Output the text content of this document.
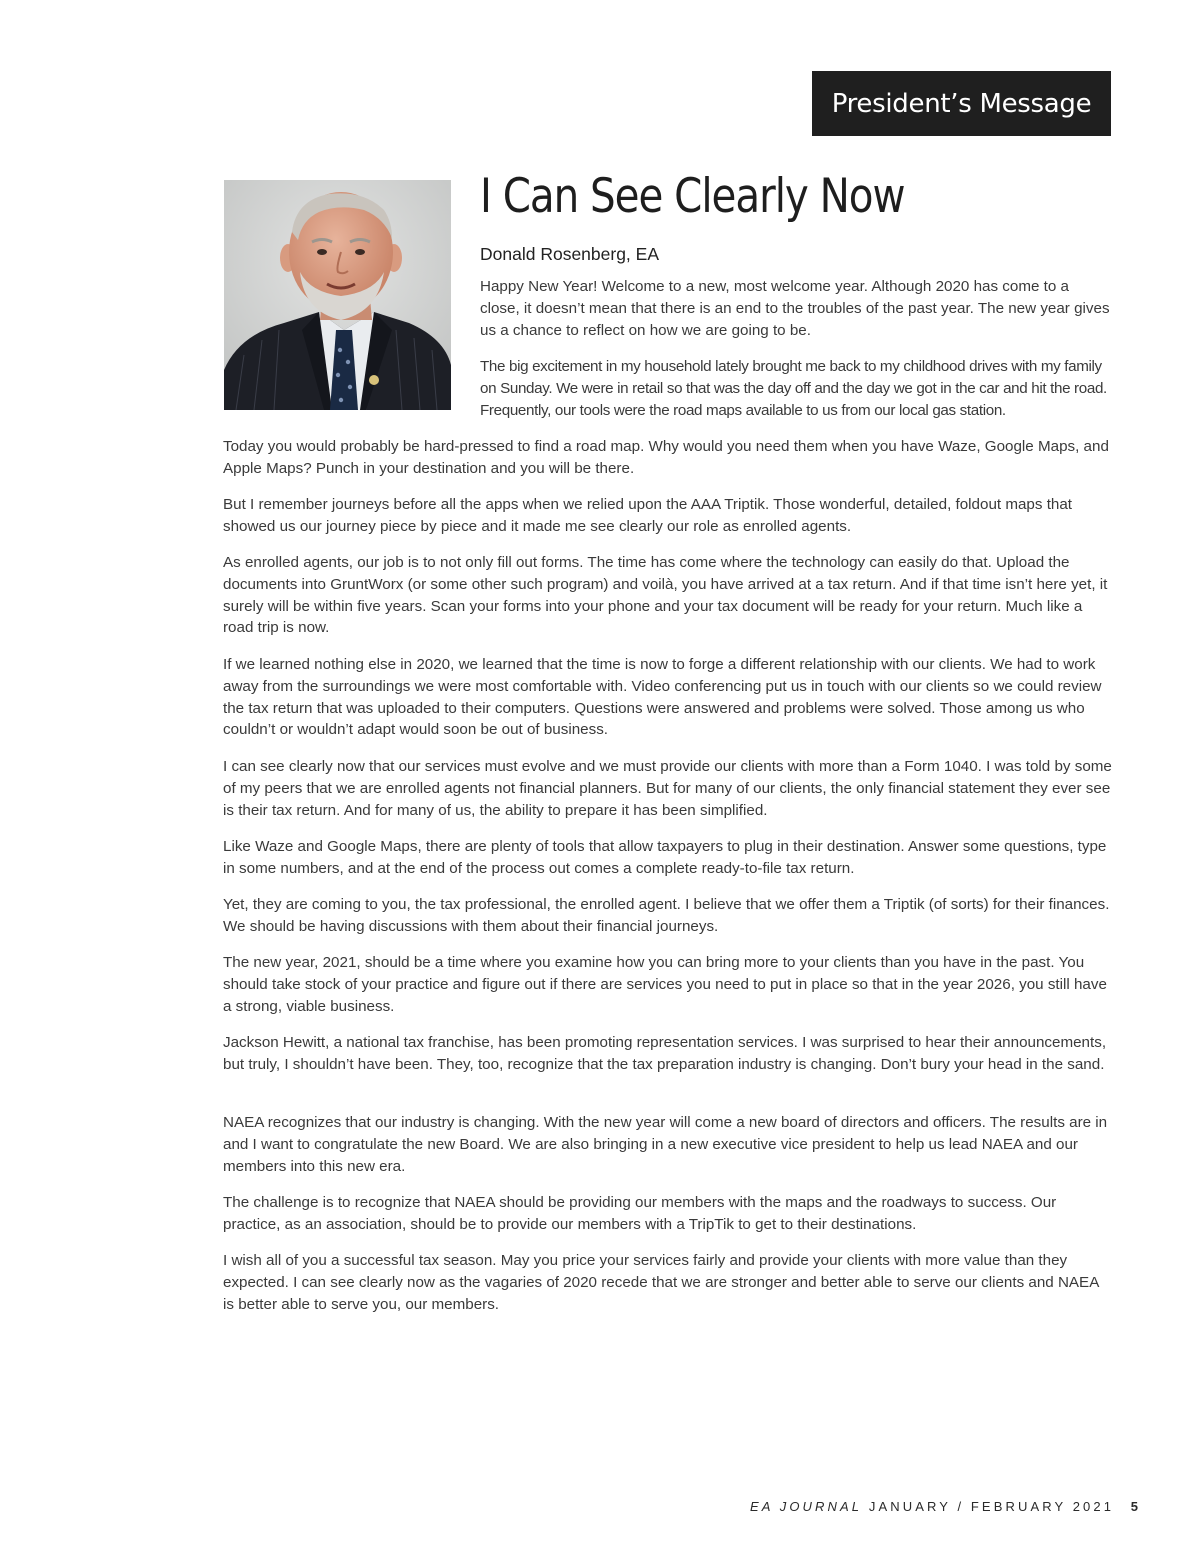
President’s Message
I Can See Clearly Now
Donald Rosenberg, EA

Happy New Year! Welcome to a new, most welcome year. Although 2020 has come to a close, it doesn’t mean that there is an end to the troubles of the past year. The new year gives us a chance to reflect on how we are going to be.

The big excitement in my household lately brought me back to my childhood drives with my family on Sunday. We were in retail so that was the day off and the day we got in the car and hit the road. Frequently, our tools were the road maps available to us from our local gas station.

Today you would probably be hard-pressed to find a road map. Why would you need them when you have Waze, Google Maps, and Apple Maps? Punch in your destination and you will be there.

But I remember journeys before all the apps when we relied upon the AAA Triptik. Those wonderful, detailed, foldout maps that showed us our journey piece by piece and it made me see clearly our role as enrolled agents.

As enrolled agents, our job is to not only fill out forms. The time has come where the technology can easily do that. Upload the documents into GruntWorx (or some other such program) and voilà, you have arrived at a tax return. And if that time isn’t here yet, it surely will be within five years. Scan your forms into your phone and your tax document will be ready for your return. Much like a road trip is now.

If we learned nothing else in 2020, we learned that the time is now to forge a different relationship with our clients. We had to work away from the surroundings we were most comfortable with. Video conferencing put us in touch with our clients so we could review the tax return that was uploaded to their computers. Questions were answered and problems were solved. Those among us who couldn’t or wouldn’t adapt would soon be out of business.

I can see clearly now that our services must evolve and we must provide our clients with more than a Form 1040. I was told by some of my peers that we are enrolled agents not financial planners. But for many of our clients, the only financial statement they ever see is their tax return. And for many of us, the ability to prepare it has been simplified.

Like Waze and Google Maps, there are plenty of tools that allow taxpayers to plug in their destination. Answer some questions, type in some numbers, and at the end of the process out comes a complete ready-to-file tax return.

Yet, they are coming to you, the tax professional, the enrolled agent. I believe that we offer them a Triptik (of sorts) for their finances. We should be having discussions with them about their financial journeys.

The new year, 2021, should be a time where you examine how you can bring more to your clients than you have in the past. You should take stock of your practice and figure out if there are services you need to put in place so that in the year 2026, you still have a strong, viable business.

Jackson Hewitt, a national tax franchise, has been promoting representation services. I was surprised to hear their announcements, but truly, I shouldn’t have been. They, too, recognize that the tax preparation industry is changing. Don’t bury your head in the sand.

NAEA recognizes that our industry is changing. With the new year will come a new board of directors and officers. The results are in and I want to congratulate the new Board. We are also bringing in a new executive vice president to help us lead NAEA and our members into this new era.

The challenge is to recognize that NAEA should be providing our members with the maps and the roadways to success. Our practice, as an association, should be to provide our members with a TripTik to get to their destinations.

I wish all of you a successful tax season. May you price your services fairly and provide your clients with more value than they expected. I can see clearly now as the vagaries of 2020 recede that we are stronger and better able to serve our clients and NAEA is better able to serve you, our members.

EA JOURNAL JANUARY / FEBRUARY 2021 5
